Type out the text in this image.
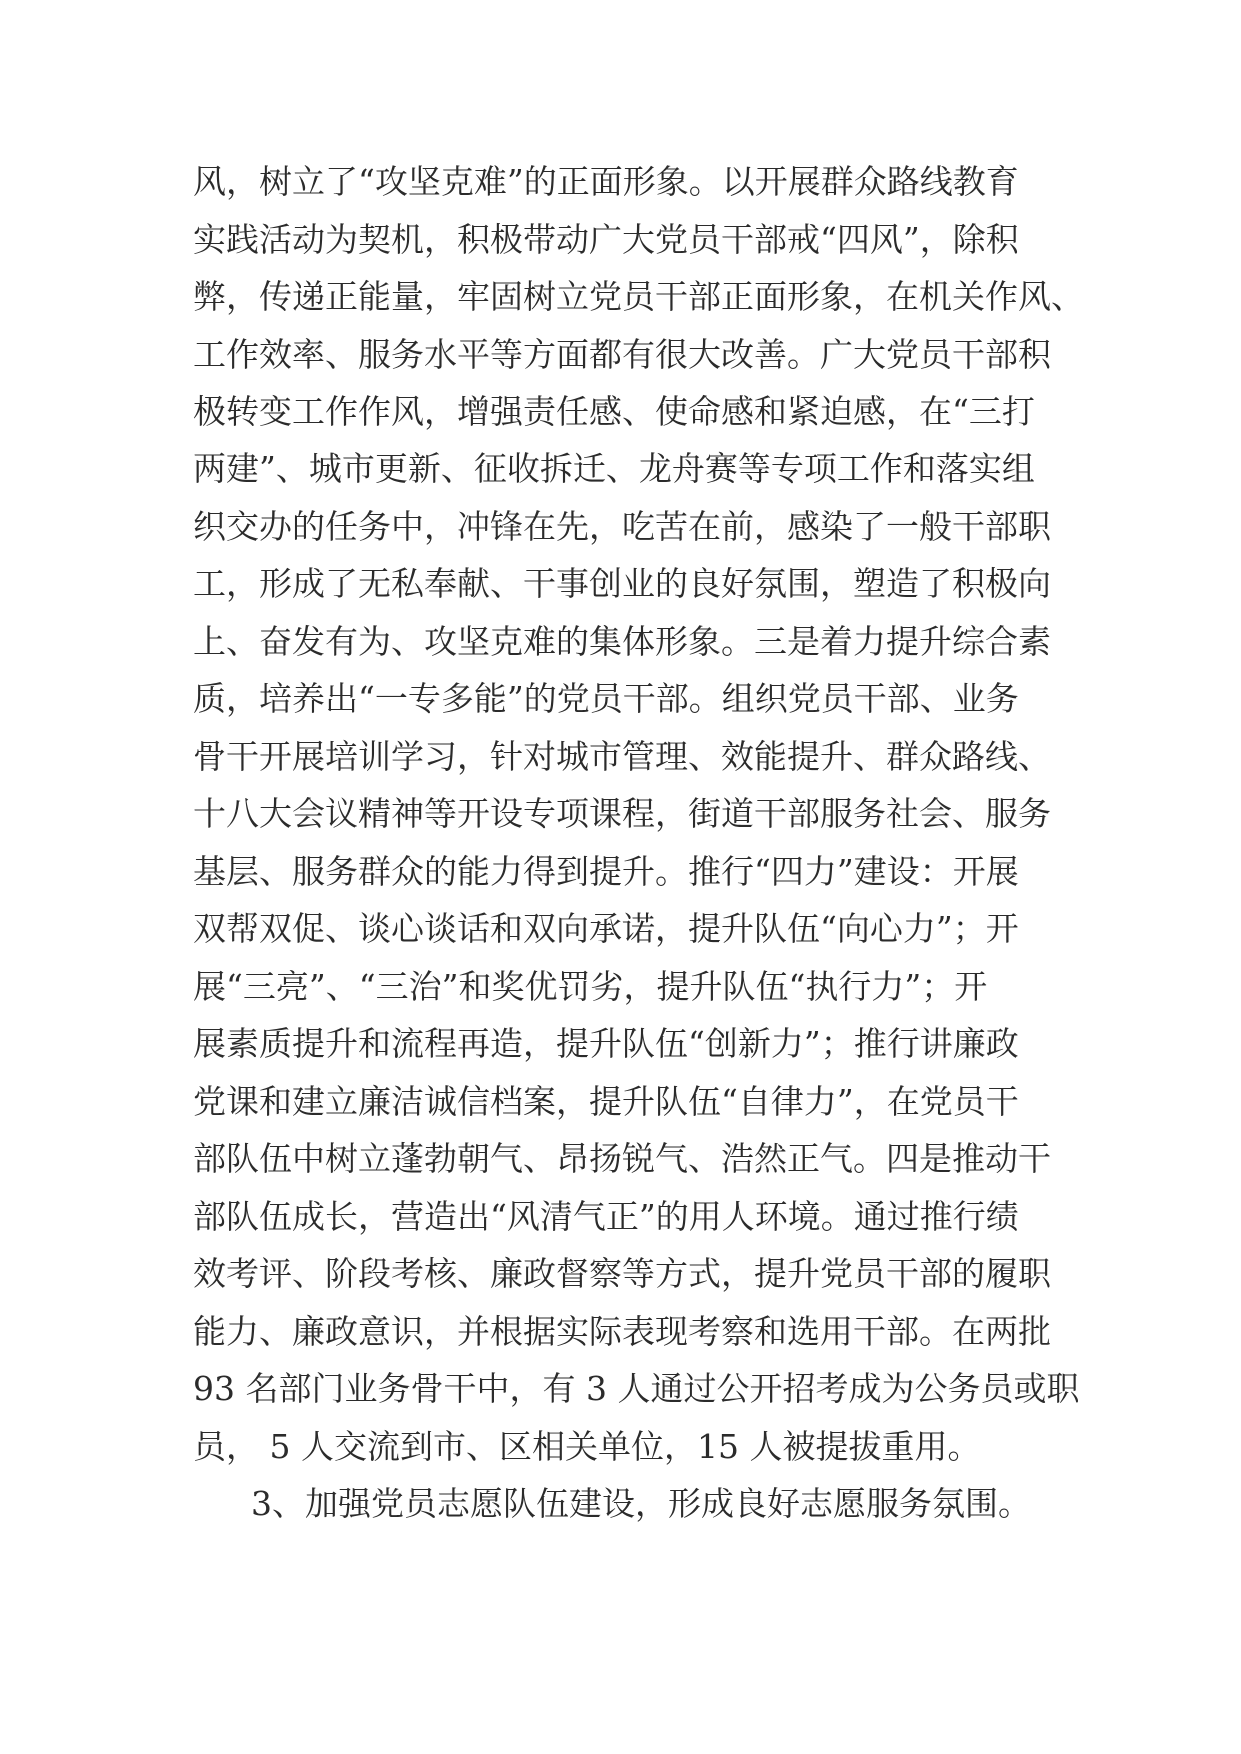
风，树立了“攻坚克难”的正面形象。以开展群众路线教育
实践活动为契机，积极带动广大党员干部戒“四风”，除积
弊，传递正能量，牢固树立党员干部正面形象，在机关作风、
工作效率、服务水平等方面都有很大改善。广大党员干部积
极转变工作作风，增强责任感、使命感和紧迫感，在“三打
两建”、城市更新、征收拆迁、龙舟赛等专项工作和落实组
织交办的任务中，冲锋在先，吃苦在前，感染了一般干部职
工，形成了无私奉献、干事创业的良好氛围，塑造了积极向
上、奋发有为、攻坚克难的集体形象。三是着力提升综合素
质，培养出“一专多能”的党员干部。组织党员干部、业务
骨干开展培训学习，针对城市管理、效能提升、群众路线、
十八大会议精神等开设专项课程，街道干部服务社会、服务
基层、服务群众的能力得到提升。推行“四力”建设：开展
双帮双促、谈心谈话和双向承诺，提升队伍“向心力”；开
展“三亮”、“三治”和奖优罚劣，提升队伍“执行力”；开
展素质提升和流程再造，提升队伍“创新力”；推行讲廉政
党课和建立廉洁诚信档案，提升队伍“自律力”，在党员干
部队伍中树立蓬勃朝气、昂扬锐气、浩然正气。四是推动干
部队伍成长，营造出“风清气正”的用人环境。通过推行绩
效考评、阶段考核、廉政督察等方式，提升党员干部的履职
能力、廉政意识，并根据实际表现考察和选用干部。在两批
93 名部门业务骨干中，有 3 人通过公开招考成为公务员或职
员， 5 人交流到市、区相关单位，15 人被提拔重用。
3、加强党员志愿队伍建设，形成良好志愿服务氛围。
